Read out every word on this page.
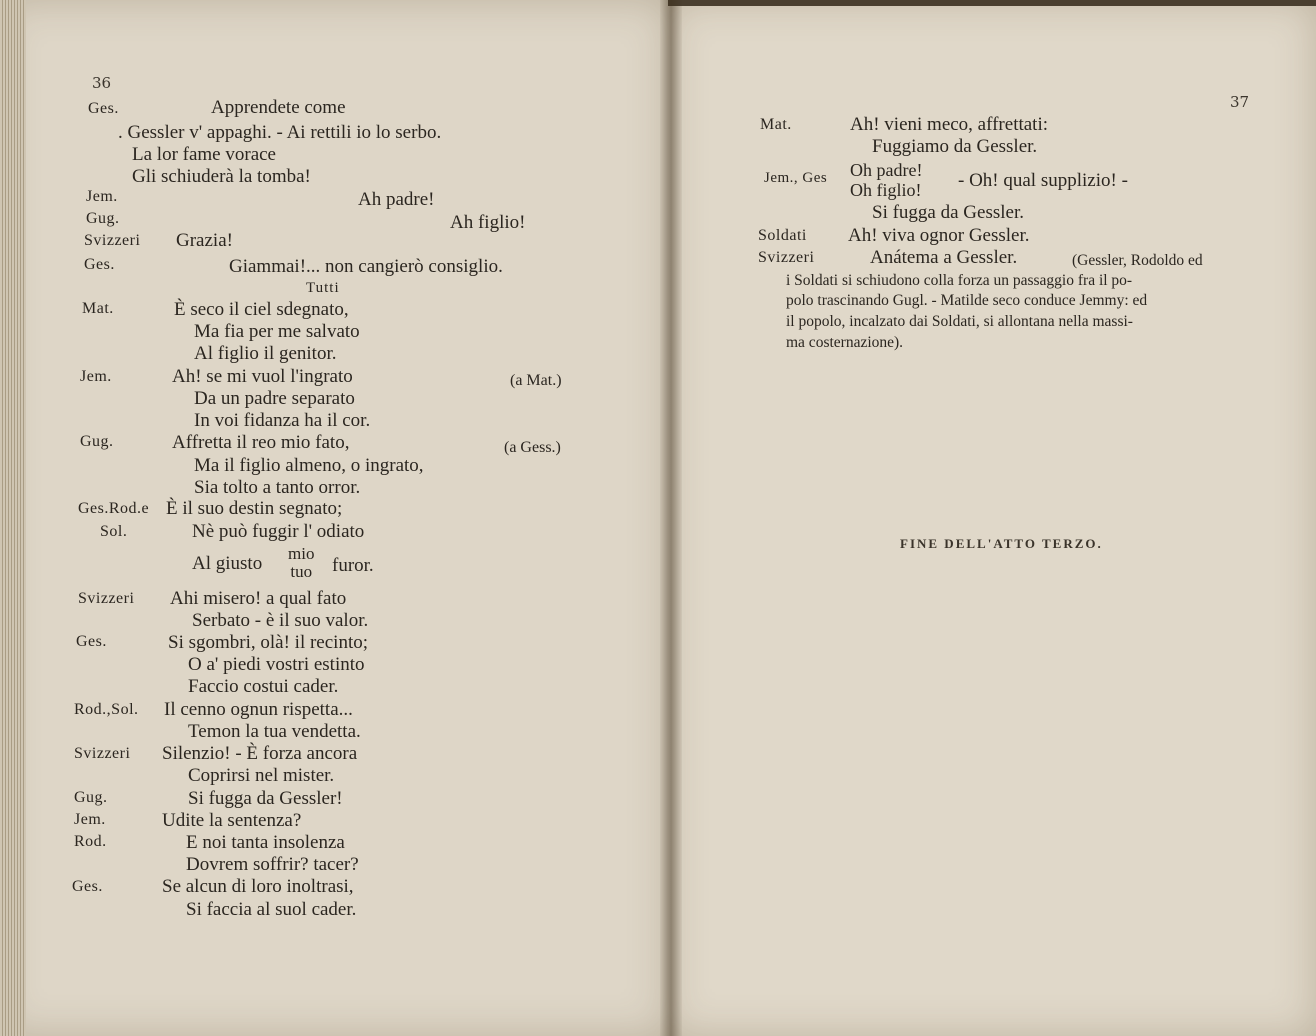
36
Ges.	Apprendete come
. Gessler v' appaghi. - Ai rettili io lo serbo.
La lor fame vorace
Gli schiuderà la tomba!
Jem.	Ah padre!
Gug.	Ah figlio!
Svizzeri Grazia!
Ges.	Giammai!... non cangierò consiglio.
Tutti
Mat.	È seco il ciel sdegnato,
Ma fia per me salvato
Al figlio il genitor.
Jem.	Ah! se mi vuol l'ingrato	(a Mat.)
Da un padre separato
In voi fidanza ha il cor.
Gug.	Affretta il reo mio fato,	(a Gess.)
Ma il figlio almeno, o ingrato,
Sia tolto a tanto orror.
Ges.Rod.e È il suo destin segnato;
Sol.	Nè può fuggir l' odiato
Al giusto mio
tuo furor.
Svizzeri Ahi misero! a qual fato
Serbato - è il suo valor.
Ges.	Si sgombri, olà! il recinto;
O a' piedi vostri estinto
Faccio costui cader.
Rod.,Sol. Il cenno ognun rispetta...
Temon la tua vendetta.
Svizzeri Silenzio! - È forza ancora
Coprirsi nel mister.
Gug.	Si fugga da Gessler!
Jem.	Udite la sentenza?
Rod.	E noi tanta insolenza
Dovrem soffrir? tacer?
Ges.	Se alcun di loro inoltrasi,
Si faccia al suol cader.
37
Mat.	Ah! vieni meco, affrettati:
Fuggiamo da Gessler.
Jem., Ges Oh padre!
Oh figlio! - Oh! qual supplizio! -
Si fugga da Gessler.
Soldati Ah! viva ognor Gessler.
Svizzeri	Anátema a Gessler.	(Gessler, Rodoldo ed
i Soldati si schiudono colla forza un passaggio fra il po-
polo trascinando Gugl. - Matilde seco conduce Jemmy: ed
il popolo, incalzato dai Soldati, si allontana nella massi-
ma costernazione).
FINE DELL'ATTO TERZO.
